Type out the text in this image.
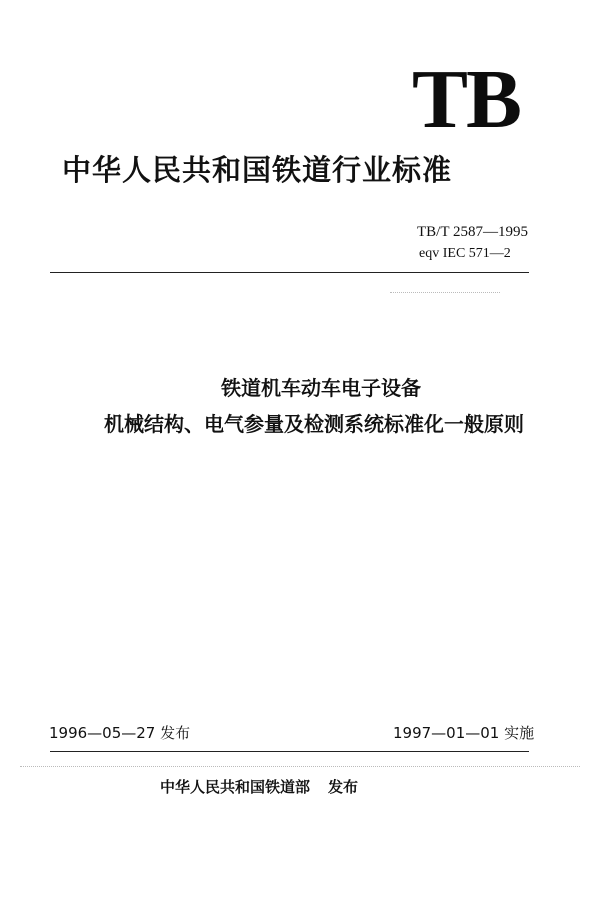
TB
中华人民共和国铁道行业标准
TB/T 2587—1995
eqv IEC 571—2
铁道机车动车电子设备
机械结构、电气参量及检测系统标准化一般原则
1996—05—27 发布	1997—01—01 实施
中华人民共和国铁道部 发布
